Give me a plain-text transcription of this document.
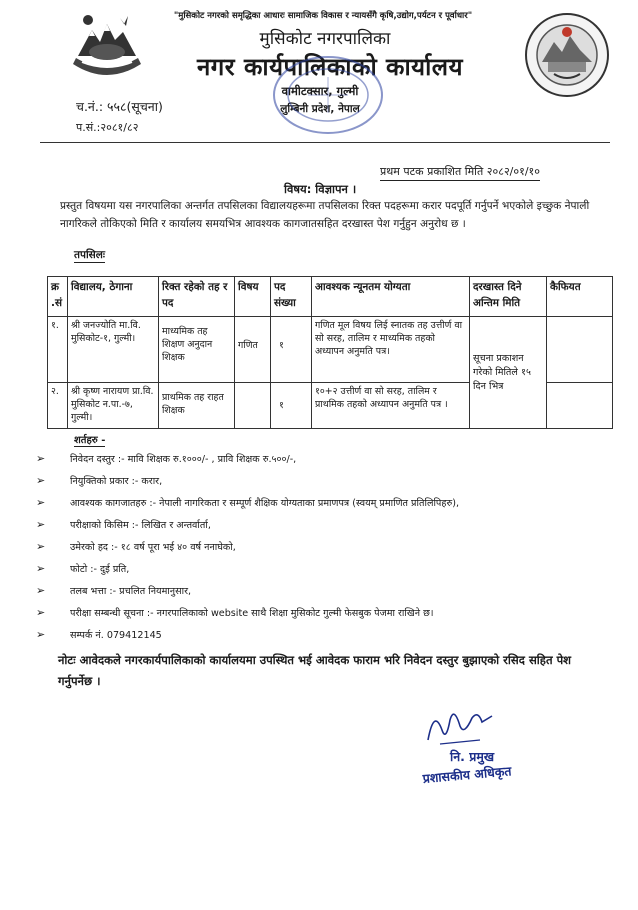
"मुसिकोट नगरको समृद्धिका आधारः सामाजिक विकास र न्यायसँगै कृषि,उद्योग,पर्यटन र पूर्वाधार"
मुसिकोट नगरपालिका
नगर कार्यपालिकाको कार्यालय
वामीटक्सार, गुल्मी
लुम्बिनी प्रदेश, नेपाल
च.नं.: ५५८(सूचना)
प.सं.:२०८१/८२
प्रथम पटक प्रकाशित मिति २०८२/०१/१०
विषय: विज्ञापन ।
प्रस्तुत विषयमा यस नगरपालिका अन्तर्गत तपसिलका विद्यालयहरूमा तपसिलका रिक्त पदहरूमा करार पदपूर्ति गर्नुपर्ने भएकोले इच्छुक नेपाली नागरिकले तोकिएको मिति र कार्यालय समयभित्र आवश्यक कागजातसहित दरखास्त पेश गर्नुहुन अनुरोध छ ।
तपसिलः
क्र .सं	विद्यालय, ठेगाना	रिक्त रहेको तह र पद	विषय	पद संख्या	आवश्यक न्यूनतम योग्यता	दरखास्त दिने अन्तिम मिति	कैफियत
१.	श्री जनज्योति मा.वि. मुसिकोट-१, गुल्मी।	माध्यमिक तह शिक्षण अनुदान शिक्षक	गणित	१	गणित मूल विषय लिई स्नातक तह उत्तीर्ण वा सो सरह, तालिम र माध्यमिक तहको अध्यापन अनुमति पत्र।	सूचना प्रकाशन गरेको मितिले १५ दिन भित्र	
२.	श्री कृष्ण नारायण प्रा.वि. मुसिकोट न.पा.-७, गुल्मी।	प्राथमिक तह राहत शिक्षक		१	१०+२ उत्तीर्ण वा सो सरह, तालिम र प्राथमिक तहको अध्यापन अनुमति पत्र ।		
शर्तहरु -
➢	निवेदन दस्तुर :- मावि शिक्षक रु.१०००/- , प्रावि शिक्षक रु.५००/-,
➢	नियुक्तिको प्रकार :- करार,
➢	आवश्यक कागजातहरु :- नेपाली नागरिकता र सम्पूर्ण शैक्षिक योग्यताका प्रमाणपत्र (स्वयम् प्रमाणित प्रतिलिपिहरु),
➢	परीक्षाको किसिम :- लिखित र अन्तर्वार्ता,
➢	उमेरको हद :- १८ वर्ष पूरा भई ४० वर्ष ननाघेको,
➢	फोटो :- दुई प्रति,
➢	तलब भत्ता :- प्रचलित नियमानुसार,
➢	परीक्षा सम्बन्धी सूचना :- नगरपालिकाको website साथै शिक्षा मुसिकोट गुल्मी फेसबुक पेजमा राखिने छ।
➢	सम्पर्क नं. 079412145
नोटः आवेदकले नगरकार्यपालिकाको कार्यालयमा उपस्थित भई आवेदक फाराम भरि निवेदन दस्तुर बुझाएको रसिद सहित पेश गर्नुपर्नेछ ।
नि. प्रमुख
प्रशासकीय अधिकृत
